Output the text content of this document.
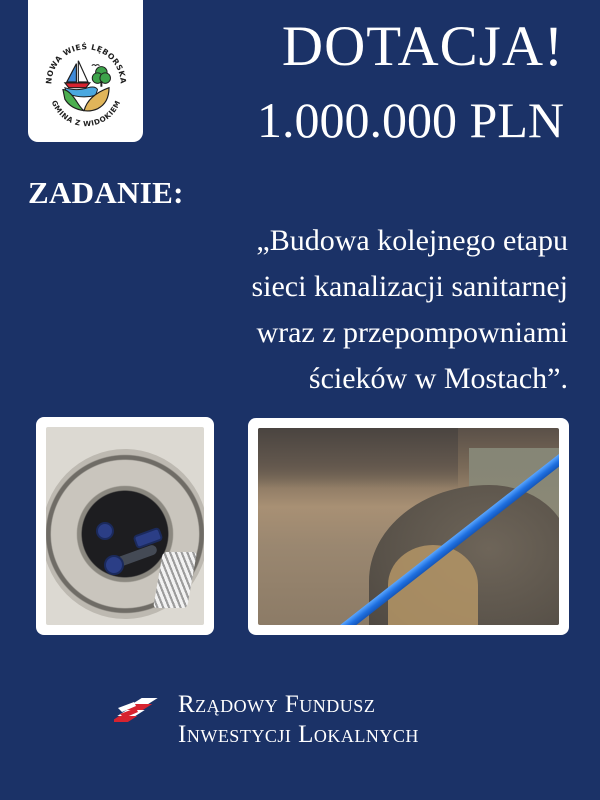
NOWA WIEŚ LĘBORSKA
GMINA Z WIDOKIEM
DOTACJA!
1.000.000 PLN
ZADANIE:
„Budowa kolejnego etapu
sieci kanalizacji sanitarnej
wraz z przepompowniami
ścieków w Mostach”.
Rządowy Fundusz
Inwestycji Lokalnych
